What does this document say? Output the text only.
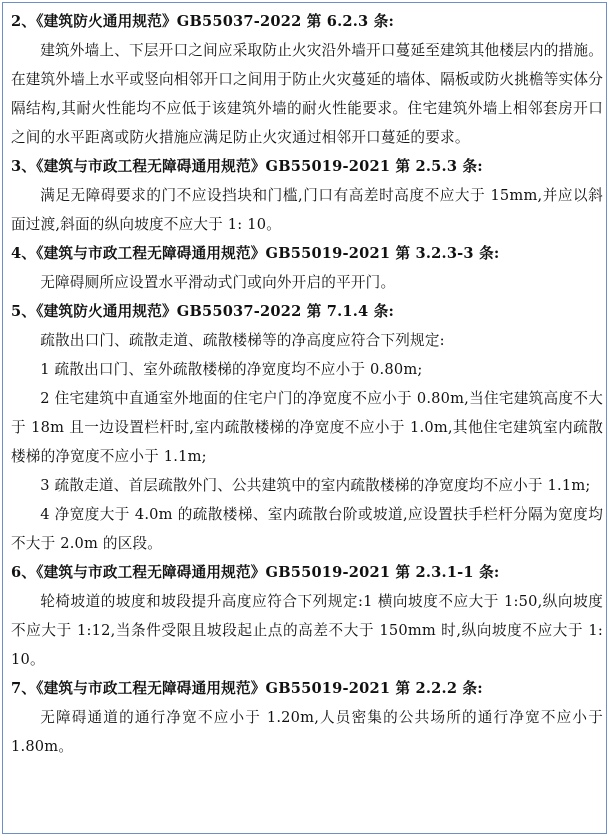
2、《建筑防火通用规范》GB55037-2022 第 6.2.3 条:

建筑外墙上、下层开口之间应采取防止火灾沿外墙开口蔓延至建筑其他楼层内的措施。在建筑外墙上水平或竖向相邻开口之间用于防止火灾蔓延的墙体、隔板或防火挑檐等实体分隔结构,其耐火性能均不应低于该建筑外墙的耐火性能要求。住宅建筑外墙上相邻套房开口之间的水平距离或防火措施应满足防止火灾通过相邻开口蔓延的要求。

3、《建筑与市政工程无障碍通用规范》GB55019-2021 第 2.5.3 条:

满足无障碍要求的门不应设挡块和门槛,门口有高差时高度不应大于 15mm,并应以斜面过渡,斜面的纵向坡度不应大于 1: 10。

4、《建筑与市政工程无障碍通用规范》GB55019-2021 第 3.2.3-3 条:

无障碍厕所应设置水平滑动式门或向外开启的平开门。

5、《建筑防火通用规范》GB55037-2022 第 7.1.4 条:

疏散出口门、疏散走道、疏散楼梯等的净高度应符合下列规定:

1 疏散出口门、室外疏散楼梯的净宽度均不应小于 0.80m;

2 住宅建筑中直通室外地面的住宅户门的净宽度不应小于 0.80m,当住宅建筑高度不大于 18m 且一边设置栏杆时,室内疏散楼梯的净宽度不应小于 1.0m,其他住宅建筑室内疏散楼梯的净宽度不应小于 1.1m;

3 疏散走道、首层疏散外门、公共建筑中的室内疏散楼梯的净宽度均不应小于 1.1m;

4 净宽度大于 4.0m 的疏散楼梯、室内疏散台阶或坡道,应设置扶手栏杆分隔为宽度均不大于 2.0m 的区段。

6、《建筑与市政工程无障碍通用规范》GB55019-2021 第 2.3.1-1 条:

轮椅坡道的坡度和坡段提升高度应符合下列规定:1 横向坡度不应大于 1:50,纵向坡度不应大于 1:12,当条件受限且坡段起止点的高差不大于 150mm 时,纵向坡度不应大于 1: 10。

7、《建筑与市政工程无障碍通用规范》GB55019-2021 第 2.2.2 条:

无障碍通道的通行净宽不应小于 1.20m,人员密集的公共场所的通行净宽不应小于 1.80m。
